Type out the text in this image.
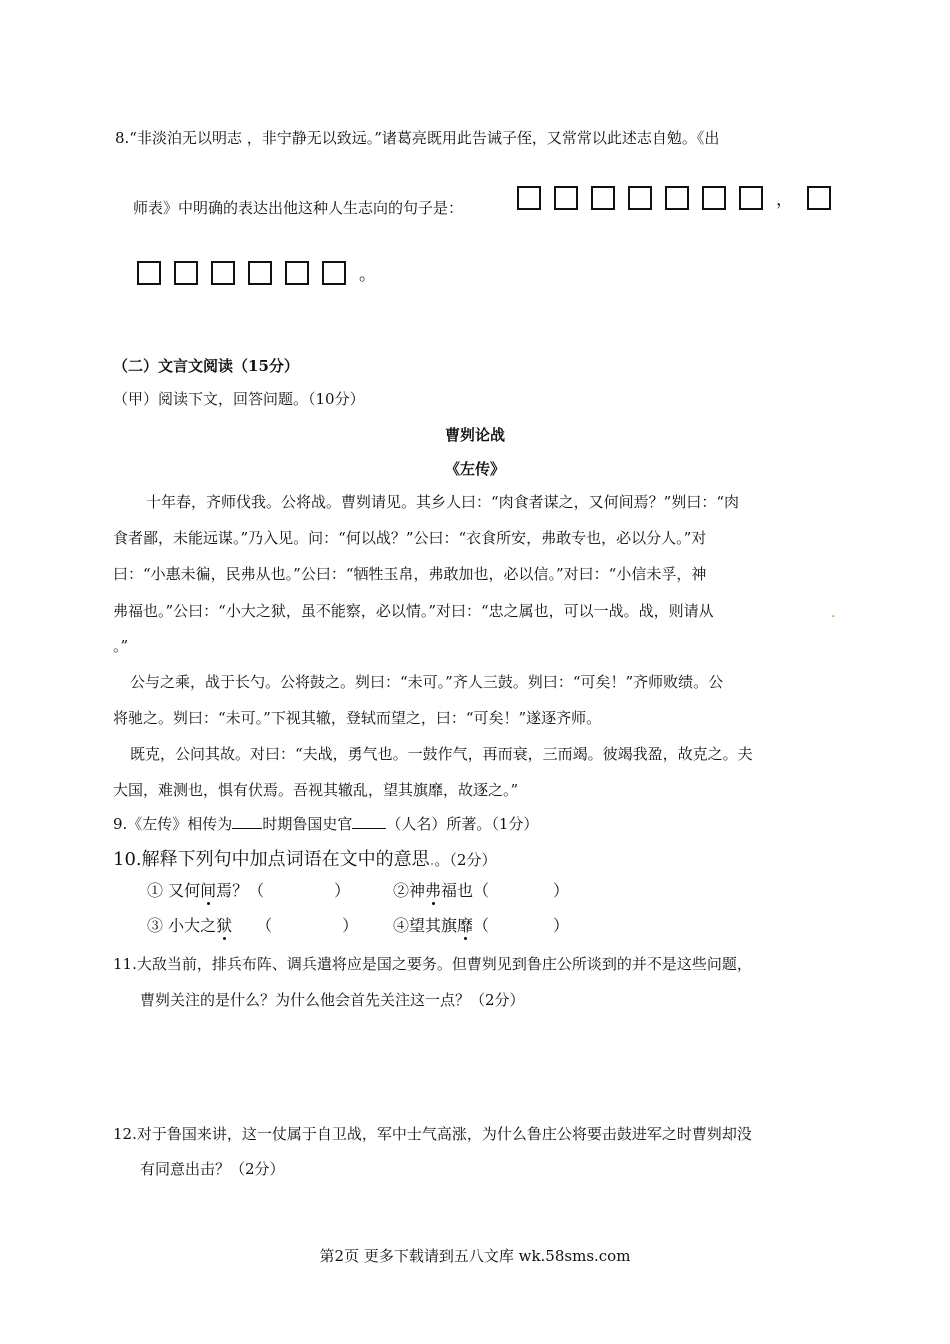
8.“非淡泊无以明志 ，非宁静无以致远。”诸葛亮既用此告诫子侄，又常常以此述志自勉。《出
师表》中明确的表达出他这种人生志向的句子是：	，
。
（二）文言文阅读（15分）
（甲）阅读下文，回答问题。（10分）
曹刿论战
《左传》
十年春，齐师伐我。公将战。曹刿请见。其乡人曰：“肉食者谋之，又何间焉？”刿曰：“肉
食者鄙，未能远谋。”乃入见。问：“何以战？”公曰：“衣食所安，弗敢专也，必以分人。”对
曰：“小惠未徧，民弗从也。”公曰：“牺牲玉帛，弗敢加也，必以信。”对曰：“小信未孚，神
弗福也。”公曰：“小大之狱，虽不能察，必以情。”对曰：“忠之属也，可以一战。战，则请从	.
。”
公与之乘，战于长勺。公将鼓之。刿曰：“未可。”齐人三鼓。刿曰：“可矣！”齐师败绩。公
将驰之。刿曰：“未可。”下视其辙，登轼而望之，曰：“可矣！”遂逐齐师。
既克，公问其故。对曰：“夫战，勇气也。一鼓作气，再而衰，三而竭。彼竭我盈，故克之。夫
大国，难测也，惧有伏焉。吾视其辙乱，望其旗靡，故逐之。”
9.《左传》相传为 时期鲁国史官 （人名）所著。（1分）
10.解释下列句中加点词语在文中的意思.。（2分）
① 又何间焉？（	）	②神弗福也（	）
③ 小大之狱 （	） ④望其旗靡（	）
11.大敌当前，排兵布阵、调兵遣将应是国之要务。但曹刿见到鲁庄公所谈到的并不是这些问题，
曹刿关注的是什么？为什么他会首先关注这一点？（2分）
12.对于鲁国来讲，这一仗属于自卫战，军中士气高涨，为什么鲁庄公将要击鼓进军之时曹刿却没
有同意出击？（2分）
第2页 更多下载请到五八文库 wk.58sms.com
